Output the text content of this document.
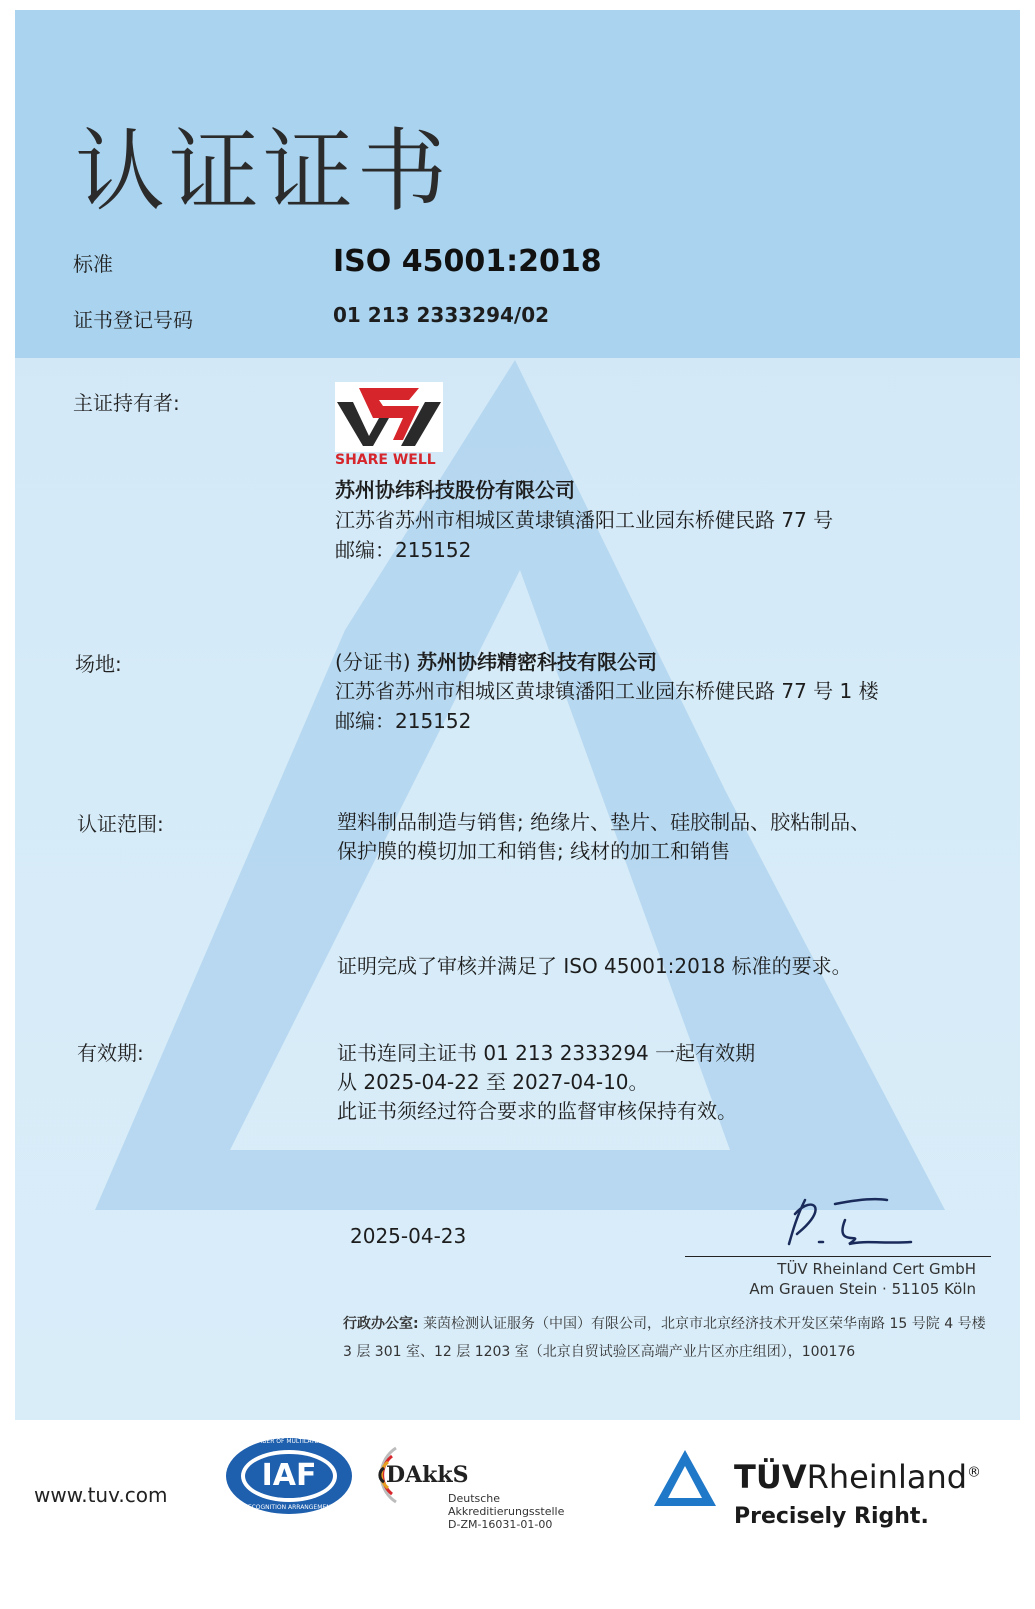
认证证书
标准	ISO 45001:2018
证书登记号码	01 213 2333294/02
主证持有者:
SHARE WELL
苏州协纬科技股份有限公司
江苏省苏州市相城区黄埭镇潘阳工业园东桥健民路 77 号
邮编：215152
场地:	(分证书) 苏州协纬精密科技有限公司
江苏省苏州市相城区黄埭镇潘阳工业园东桥健民路 77 号 1 楼
邮编：215152
认证范围:	塑料制品制造与销售; 绝缘片、垫片、硅胶制品、胶粘制品、
保护膜的模切加工和销售; 线材的加工和销售
证明完成了审核并满足了 ISO 45001:2018 标准的要求。
有效期:	证书连同主证书 01 213 2333294 一起有效期
从 2025-04-22 至 2027-04-10。
此证书须经过符合要求的监督审核保持有效。
2025-04-23
TÜV Rheinland Cert GmbH
Am Grauen Stein · 51105 Köln
行政办公室: 莱茵检测认证服务（中国）有限公司，北京市北京经济技术开发区荣华南路 15 号院 4 号楼 3 层 301 室、12 层 1203 室（北京自贸试验区高端产业片区亦庄组团），100176
www.tuv.com
IAF
MEMBER OF MULTILATERAL
RECOGNITION ARRANGEMENT
DAkkS
Deutsche
Akkreditierungsstelle
D-ZM-16031-01-00
TÜVRheinland®
Precisely Right.
